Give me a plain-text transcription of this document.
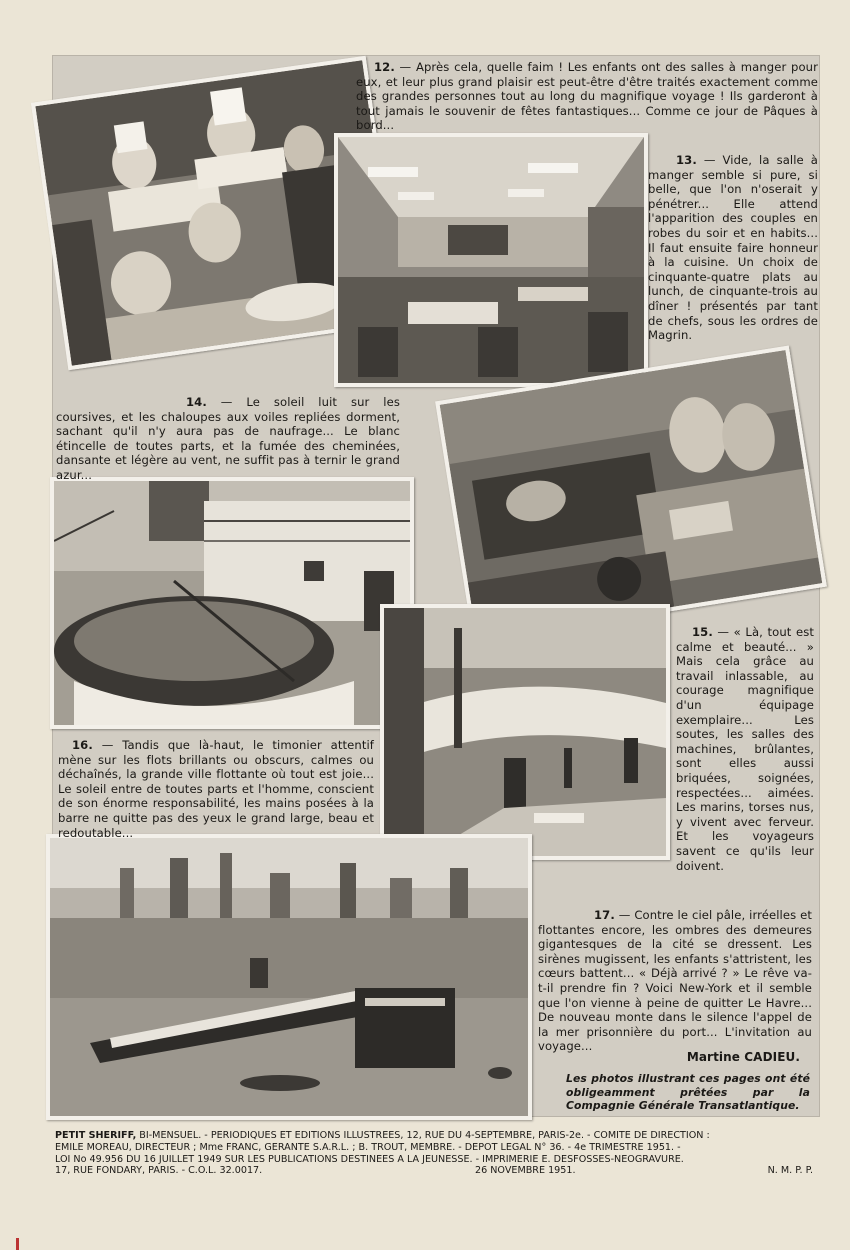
12. — Après cela, quelle faim ! Les enfants ont des salles à manger pour eux, et leur plus grand plaisir est peut-être d'être traités exactement comme des grandes personnes tout au long du magnifique voyage ! Ils garderont à tout jamais le souvenir de fêtes fantastiques... Comme ce jour de Pâques à bord...
13. — Vide, la salle à manger semble si pure, si belle, que l'on n'oserait y pénétrer... Elle attend l'apparition des couples en robes du soir et en habits... Il faut ensuite faire honneur à la cuisine. Un choix de cinquante-quatre plats au lunch, de cinquante-trois au dîner ! présentés par tant de chefs, sous les ordres de Magrin.
14. — Le soleil luit sur les coursives, et les chaloupes aux voiles repliées dorment, sachant qu'il n'y aura pas de naufrage... Le blanc étincelle de toutes parts, et la fumée des cheminées, dansante et légère au vent, ne suffit pas à ternir le grand azur...
15. — « Là, tout est calme et beauté... » Mais cela grâce au travail inlassable, au courage magnifique d'un équipage exemplaire... Les soutes, les salles des machines, brûlantes, sont elles aussi briquées, soignées, respectées... aimées. Les marins, torses nus, y vivent avec ferveur. Et les voyageurs savent ce qu'ils leur doivent.
16. — Tandis que là-haut, le timonier attentif mène sur les flots brillants ou obscurs, calmes ou déchaînés, la grande ville flottante où tout est joie... Le soleil entre de toutes parts et l'homme, conscient de son énorme responsabilité, les mains posées à la barre ne quitte pas des yeux le grand large, beau et redoutable...
17. — Contre le ciel pâle, irréelles et flottantes encore, les ombres des demeures gigantesques de la cité se dressent. Les sirènes mugissent, les enfants s'attristent, les cœurs battent... « Déjà arrivé ? » Le rêve va-t-il prendre fin ? Voici New-York et il semble que l'on vienne à peine de quitter Le Havre... De nouveau monte dans le silence l'appel de la mer prisonnière du port... L'invitation au voyage...
Martine CADIEU.
Les photos illustrant ces pages ont été obligeamment prêtées par la Compagnie Générale Transatlantique.
PETIT SHERIFF, BI-MENSUEL. - PERIODIQUES ET EDITIONS ILLUSTREES, 12, RUE DU 4-SEPTEMBRE, PARIS-2e. - COMITE DE DIRECTION :
EMILE MOREAU, DIRECTEUR ; Mme FRANC, GERANTE S.A.R.L. ; B. TROUT, MEMBRE. - DEPOT LEGAL N° 36. - 4e TRIMESTRE 1951. -
LOI No 49.956 DU 16 JUILLET 1949 SUR LES PUBLICATIONS DESTINEES A LA JEUNESSE. - IMPRIMERIE E. DESFOSSES-NEOGRAVURE.
17, RUE FONDARY, PARIS. - C.O.L. 32.0017.	26 NOVEMBRE 1951.	N. M. P. P.
